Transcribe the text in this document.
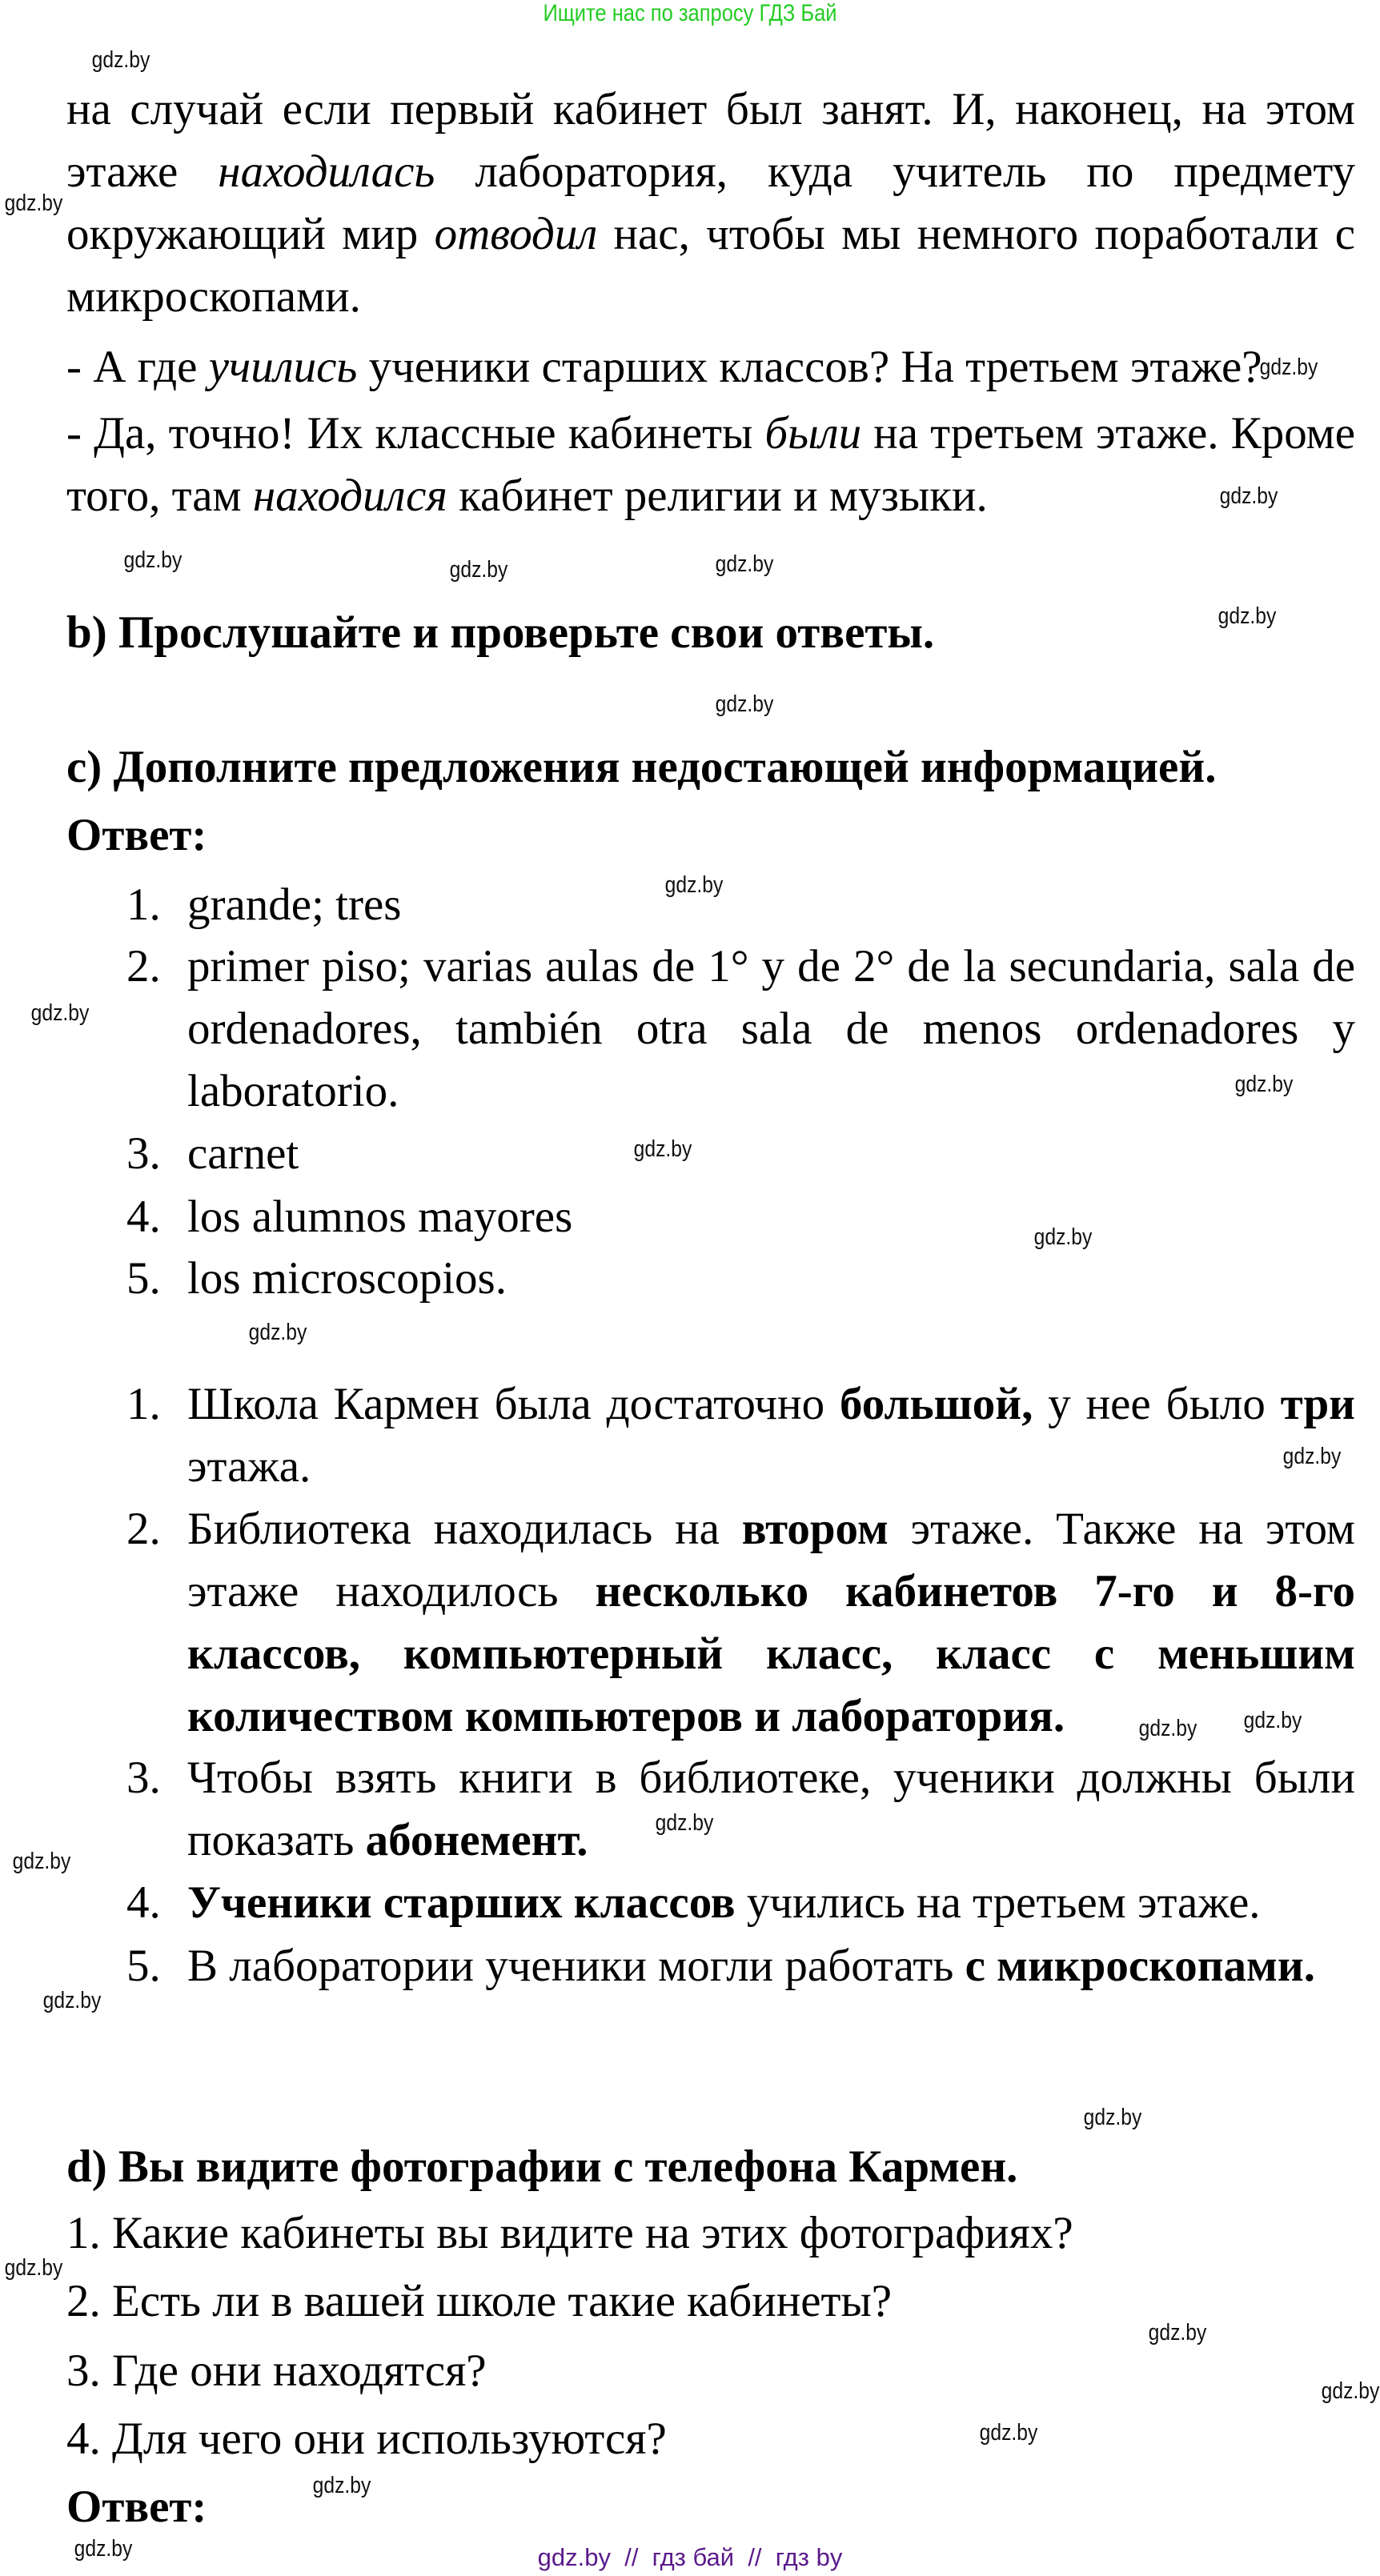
Ищите нас по запросу ГДЗ Бай
на случай если первый кабинет был занят. И, наконец, на этом этаже находилась лаборатория, куда учитель по предмету окружающий мир отводил нас, чтобы мы немного поработали с микроскопами.
- А где учились ученики старших классов? На третьем этаже?
- Да, точно! Их классные кабинеты были на третьем этаже. Кроме того, там находился кабинет религии и музыки.
b) Прослушайте и проверьте свои ответы.
c) Дополните предложения недостающей информацией.
Ответ:
1. grande; tres
2. primer piso; varias aulas de 1° y de 2° de la secundaria, sala de ordenadores, también otra sala de menos ordenadores y laboratorio.
3. carnet
4. los alumnos mayores
5. los microscopios.
1. Школа Кармен была достаточно большой, у нее было три этажа.
2. Библиотека находилась на втором этаже. Также на этом этаже находилось несколько кабинетов 7-го и 8-го классов, компьютерный класс, класс с меньшим количеством компьютеров и лаборатория.
3. Чтобы взять книги в библиотеке, ученики должны были показать абонемент.
4. Ученики старших классов учились на третьем этаже.
5. В лаборатории ученики могли работать с микроскопами.
d) Вы видите фотографии с телефона Кармен.
1. Какие кабинеты вы видите на этих фотографиях?
2. Есть ли в вашей школе такие кабинеты?
3. Где они находятся?
4. Для чего они используются?
Ответ:
gdz.by
gdz.by
gdz.by
gdz.by
gdz.by
gdz.by	gdz.by
gdz.by
gdz.by
gdz.by
gdz.by
gdz.by
gdz.by
gdz.by
gdz.by
gdz.by
gdz.by
gdz.by
gdz.by
gdz.by
gdz.by
gdz.by
gdz.by
gdz.by
gdz.by
gdz.by
gdz.by
gdz.by	gdz.by  //  гдз бай  //  гдз by
